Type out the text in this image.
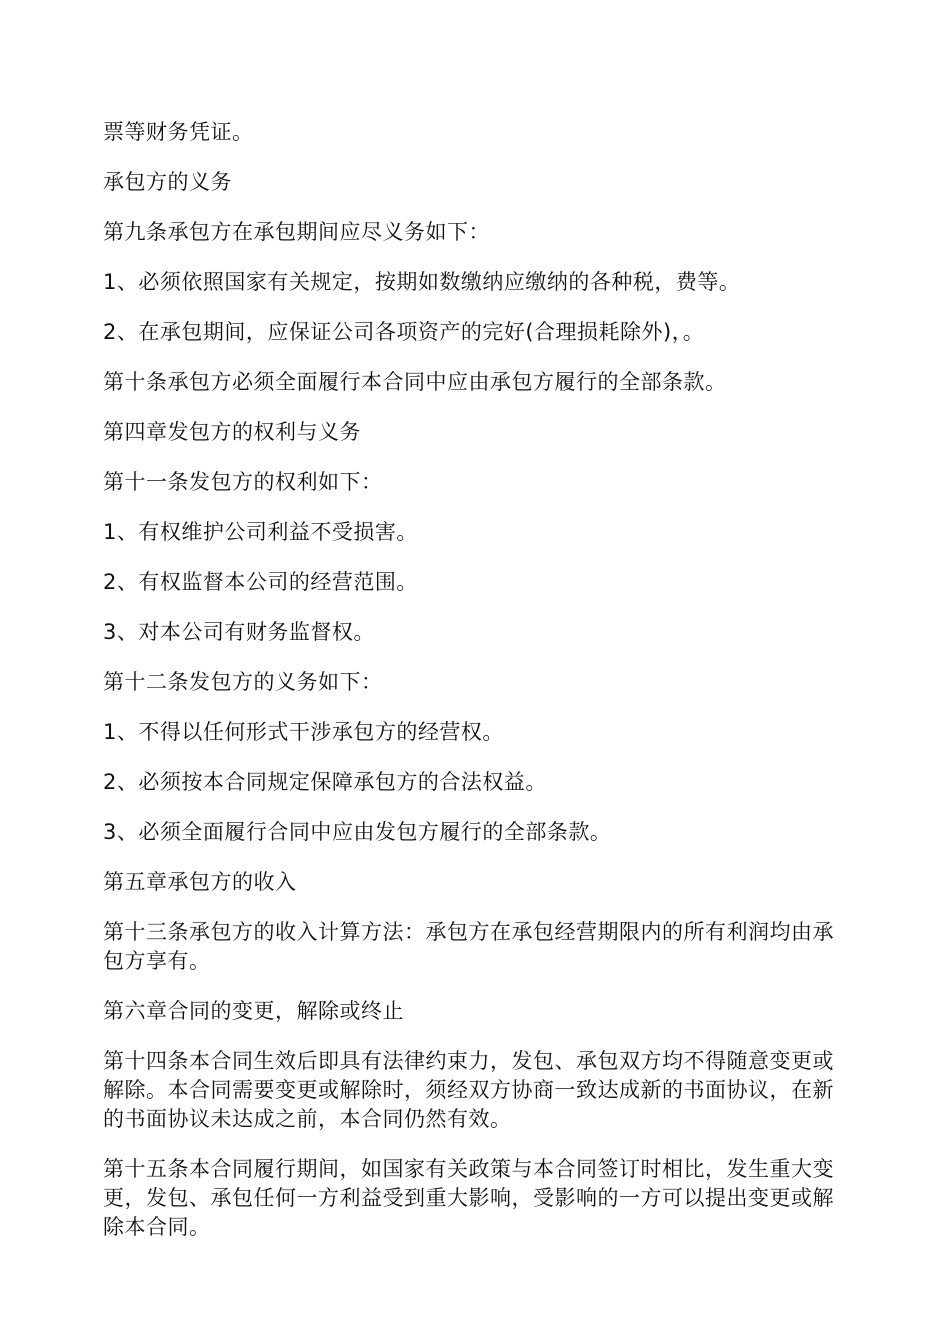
票等财务凭证。

承包方的义务

第九条承包方在承包期间应尽义务如下：

1、必须依照国家有关规定，按期如数缴纳应缴纳的各种税，费等。

2、在承包期间，应保证公司各项资产的完好(合理损耗除外)，。

第十条承包方必须全面履行本合同中应由承包方履行的全部条款。

第四章发包方的权利与义务

第十一条发包方的权利如下：

1、有权维护公司利益不受损害。

2、有权监督本公司的经营范围。

3、对本公司有财务监督权。

第十二条发包方的义务如下：

1、不得以任何形式干涉承包方的经营权。

2、必须按本合同规定保障承包方的合法权益。

3、必须全面履行合同中应由发包方履行的全部条款。

第五章承包方的收入

第十三条承包方的收入计算方法：承包方在承包经营期限内的所有利润均由承包方享有。

第六章合同的变更，解除或终止

第十四条本合同生效后即具有法律约束力，发包、承包双方均不得随意变更或解除。本合同需要变更或解除时，须经双方协商一致达成新的书面协议，在新的书面协议未达成之前，本合同仍然有效。

第十五条本合同履行期间，如国家有关政策与本合同签订时相比，发生重大变更，发包、承包任何一方利益受到重大影响，受影响的一方可以提出变更或解除本合同。
